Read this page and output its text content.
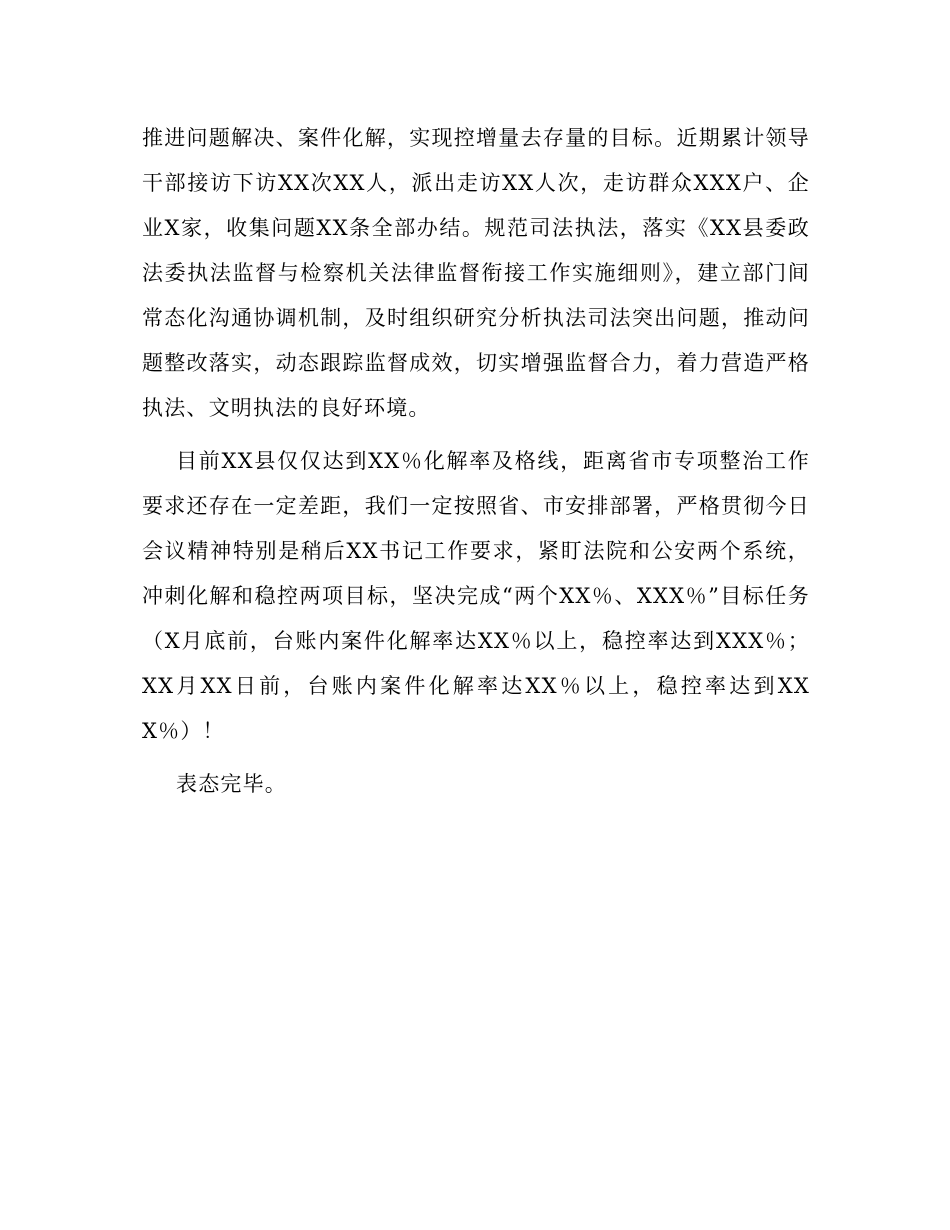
推进问题解决、案件化解，实现控增量去存量的目标。近期累计领导干部接访下访XX次XX人，派出走访XX人次，走访群众XXX户、企业X家，收集问题XX条全部办结。规范司法执法，落实《XX县委政法委执法监督与检察机关法律监督衔接工作实施细则》，建立部门间常态化沟通协调机制，及时组织研究分析执法司法突出问题，推动问题整改落实，动态跟踪监督成效，切实增强监督合力，着力营造严格执法、文明执法的良好环境。

目前XX县仅仅达到XX％化解率及格线，距离省市专项整治工作要求还存在一定差距，我们一定按照省、市安排部署，严格贯彻今日会议精神特别是稍后XX书记工作要求，紧盯法院和公安两个系统，冲刺化解和稳控两项目标，坚决完成“两个XX％、XXX％”目标任务（X月底前，台账内案件化解率达XX％以上，稳控率达到XXX％；XX月XX日前，台账内案件化解率达XX％以上，稳控率达到XXX％）！

表态完毕。
